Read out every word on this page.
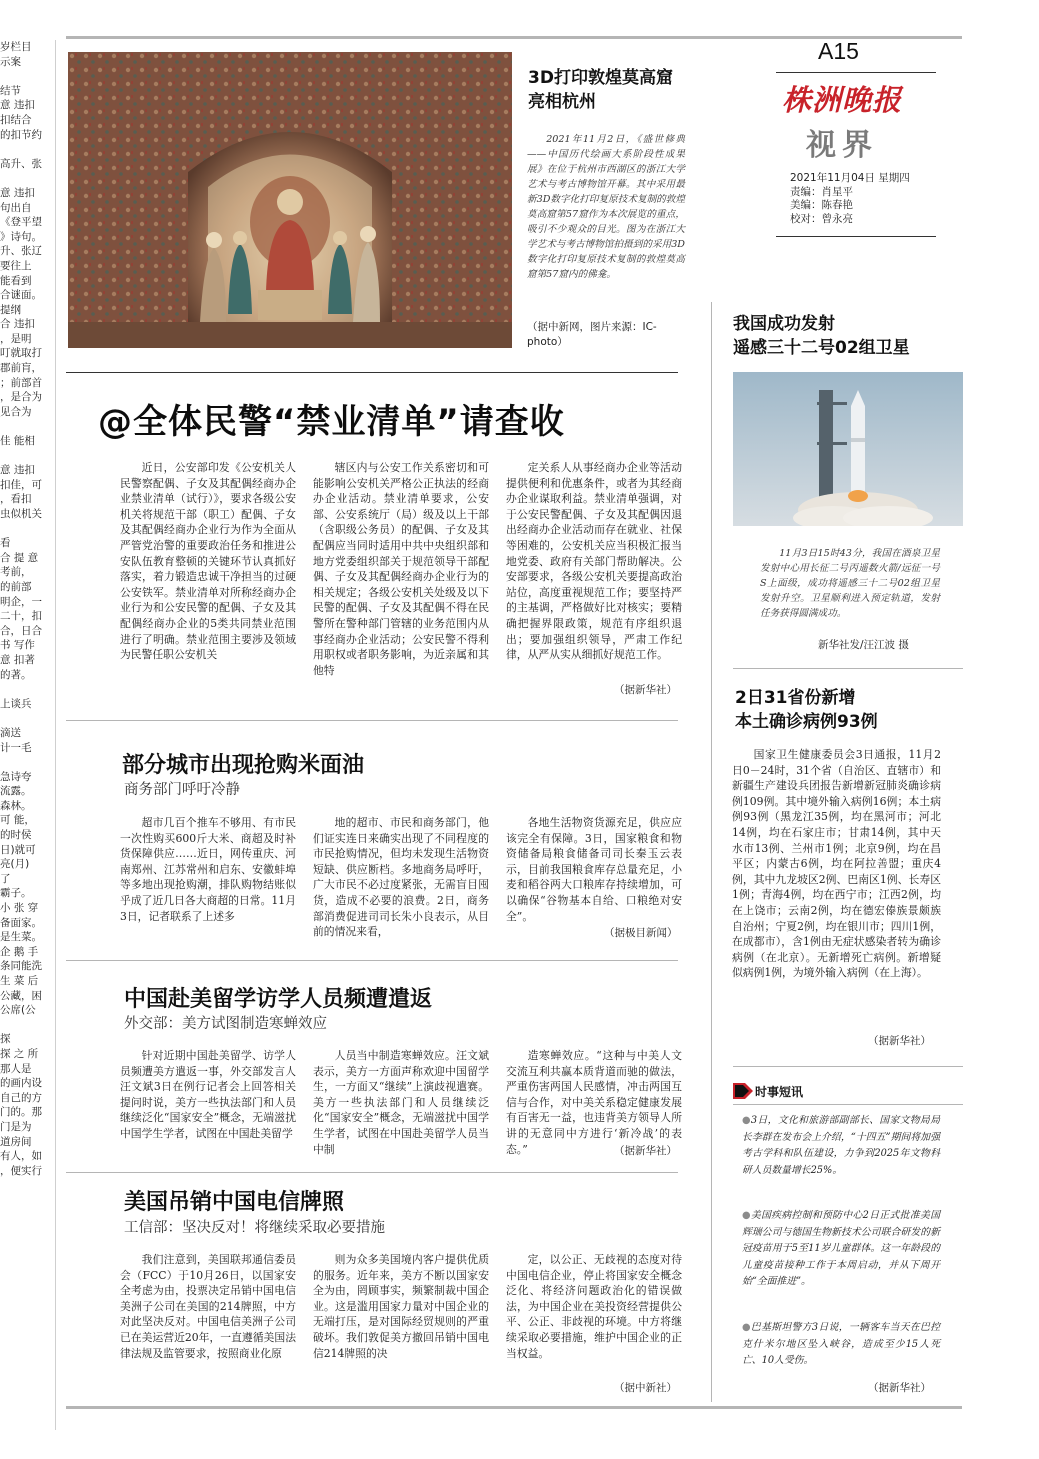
岁栏目
示案

结节
意 违扣
扣结合
的扣节约

高升、张

意 违扣
句出自
《登平望
》诗句。
升、张辽
要往上
能看到
合谜面。
提纲
合 违扣
，是明
叮就取打
郡前肓，
；前部首
，是合为
见合为

佳 能相

意 违扣
扣佳，可
，看扣
虫似机关

看
合 提 意
考前，
的前部
明企，一
二十，扣
合，日合
书 写作
意 扣著
的著。

上谈兵

滴送
计一毛

急诗夸
流露。
森林。
可 能，
的时侯
日)就可
亮(月)
了
霸子。
小 张 穿
备面家。
是生菜。
企 鹅 手
条同能洗
生 菜 后
公藏，困
公席(公

探
探 之 所
那人是
的画内设
自己的方
门的。那
门是为
道房间
有人，如
，便实行
3D打印敦煌莫高窟
亮相杭州
2021年11月2日，《盛世修典——中国历代绘画大系阶段性成果展》在位于杭州市西湖区的浙江大学艺术与考古博物馆开幕。其中采用最新3D数字化打印复原技术复制的敦煌莫高窟第57窟作为本次展览的重点，吸引不少观众的目光。图为在浙江大学艺术与考古博物馆拍摄到的采用3D数字化打印复原技术复制的敦煌莫高窟第57窟内的佛龛。
（据中新网，图片来源：IC-photo）
A15
株洲晚报
视界
2021年11月04日 星期四
责编：肖星平
美编：陈春艳
校对：曾永亮
@全体民警“禁业清单”请查收
近日，公安部印发《公安机关人民警察配偶、子女及其配偶经商办企业禁业清单（试行）》，要求各级公安机关将规范干部（职工）配偶、子女及其配偶经商办企业行为作为全面从严管党治警的重要政治任务和推进公安队伍教育整顿的关键环节认真抓好落实，着力锻造忠诚干净担当的过硬公安铁军。禁业清单对所称经商办企业行为和公安民警的配偶、子女及其配偶经商办企业的5类共同禁业范围进行了明确。禁业范围主要涉及领域为民警任职公安机关
辖区内与公安工作关系密切和可能影响公安机关严格公正执法的经商办企业活动。禁业清单要求，公安部、公安系统厅（局）级及以上干部（含职级公务员）的配偶、子女及其配偶应当同时适用中共中央组织部和地方党委组织部关于规范领导干部配偶、子女及其配偶经商办企业行为的相关规定；各级公安机关处级及以下民警的配偶、子女及其配偶不得在民警所在警种部门管辖的业务范围内从事经商办企业活动；公安民警不得利用职权或者职务影响，为近亲属和其他特
定关系人从事经商办企业等活动提供便利和优惠条件，或者为其经商办企业谋取利益。禁业清单强调，对于公安民警配偶、子女及其配偶因退出经商办企业活动而存在就业、社保等困难的，公安机关应当积极汇报当地党委、政府有关部门帮助解决。公安部要求，各级公安机关要提高政治站位，高度重视规范工作；要坚持严的主基调，严格做好比对核实；要精确把握界限政策，规范有序组织退出；要加强组织领导，严肃工作纪律，从严从实从细抓好规范工作。
（据新华社）
部分城市出现抢购米面油
商务部门呼吁冷静
超市几百个推车不够用、有市民一次性购买600斤大米、商超及时补货保障供应……近日，网传重庆、河南郑州、江苏常州和启东、安徽蚌埠等多地出现抢购潮，排队购物结账似乎成了近几日各大商超的日常。11月3日，记者联系了上述多
地的超市、市民和商务部门，他们证实连日来确实出现了不同程度的市民抢购情况，但均未发现生活物资短缺、供应断档。多地商务局呼吁，广大市民不必过度紧张，无需盲目囤货，造成不必要的浪费。2日，商务部消费促进司司长朱小良表示，从目前的情况来看，
各地生活物资货源充足，供应应该完全有保障。3日，国家粮食和物资储备局粮食储备司司长秦玉云表示，目前我国粮食库存总量充足，小麦和稻谷两大口粮库存持续增加，可以确保“谷物基本自给、口粮绝对安全”。
（据极目新闻）
中国赴美留学访学人员频遭遣返
外交部：美方试图制造寒蝉效应
针对近期中国赴美留学、访学人员频遭美方遣返一事，外交部发言人汪文斌3日在例行记者会上回答相关提问时说，美方一些执法部门和人员继续泛化“国家安全”概念，无端滋扰中国学生学者，试图在中国赴美留学
人员当中制造寒蝉效应。汪文斌表示，美方一方面声称欢迎中国留学生，一方面又“继续”上演歧视遣赛。美方一些执法部门和人员继续泛化“国家安全”概念，无端滋扰中国学生学者，试图在中国赴美留学人员当中制
造寒蝉效应。“这种与中美人文交流互利共赢本质背道而驰的做法，严重伤害两国人民感情，冲击两国互信与合作，对中美关系稳定健康发展有百害无一益，也违背美方领导人所讲的无意同中方进行‘新冷战’的表态。”	（据新华社）
美国吊销中国电信牌照
工信部：坚决反对！将继续采取必要措施
我们注意到，美国联邦通信委员会（FCC）于10月26日，以国家安全考虑为由，投票决定吊销中国电信美洲子公司在美国的214牌照，中方对此坚决反对。中国电信美洲子公司已在美运营近20年，一直遵循美国法律法规及监管要求，按照商业化原
则为众多美国境内客户提供优质的服务。近年来，美方不断以国家安全为由，罔顾事实，频繁制裁中国企业。这是滥用国家力量对中国企业的无端打压，是对国际经贸规则的严重破坏。我们敦促美方撤回吊销中国电信214牌照的决
定，以公正、无歧视的态度对待中国电信企业，停止将国家安全概念泛化、将经济问题政治化的错误做法，为中国企业在美投资经营提供公平、公正、非歧视的环境。中方将继续采取必要措施，维护中国企业的正当权益。
（据中新社）
我国成功发射
遥感三十二号02组卫星
11月3日15时43分，我国在酒泉卫星发射中心用长征二号丙遥数火箭/远征一号S上面级，成功将遥感三十二号02组卫星发射升空。卫星顺利进入预定轨道，发射任务获得圆满成功。
新华社发/汪江波 摄
2日31省份新增
本土确诊病例93例
国家卫生健康委员会3日通报，11月2日0－24时，31个省（自治区、直辖市）和新疆生产建设兵团报告新增新冠肺炎确诊病例109例。其中境外输入病例16例；本土病例93例（黑龙江35例，均在黑河市；河北14例，均在石家庄市；甘肃14例，其中天水市13例、兰州市1例；北京9例，均在昌平区；内蒙古6例，均在阿拉善盟；重庆4例，其中九龙坡区2例、巴南区1例、长寿区1例；青海4例，均在西宁市；江西2例，均在上饶市；云南2例，均在德宏傣族景颇族自治州；宁夏2例，均在银川市；四川1例，在成都市），含1例由无症状感染者转为确诊病例（在北京）。无新增死亡病例。新增疑似病例1例，为境外输入病例（在上海）。
（据新华社）
时事短讯
●3日，文化和旅游部副部长、国家文物局局长李群在发布会上介绍，“十四五”期间将加强考古学科和队伍建设，力争到2025年文物科研人员数量增长25%。
●美国疾病控制和预防中心2日正式批准美国辉瑞公司与德国生物新技术公司联合研发的新冠疫苗用于5至11岁儿童群体。这一年龄段的儿童疫苗接种工作于本周启动，并从下周开始“全面推进”。
●巴基斯坦警方3日说，一辆客车当天在巴控克什米尔地区坠入峡谷，造成至少15人死亡、10人受伤。
（据新华社）
